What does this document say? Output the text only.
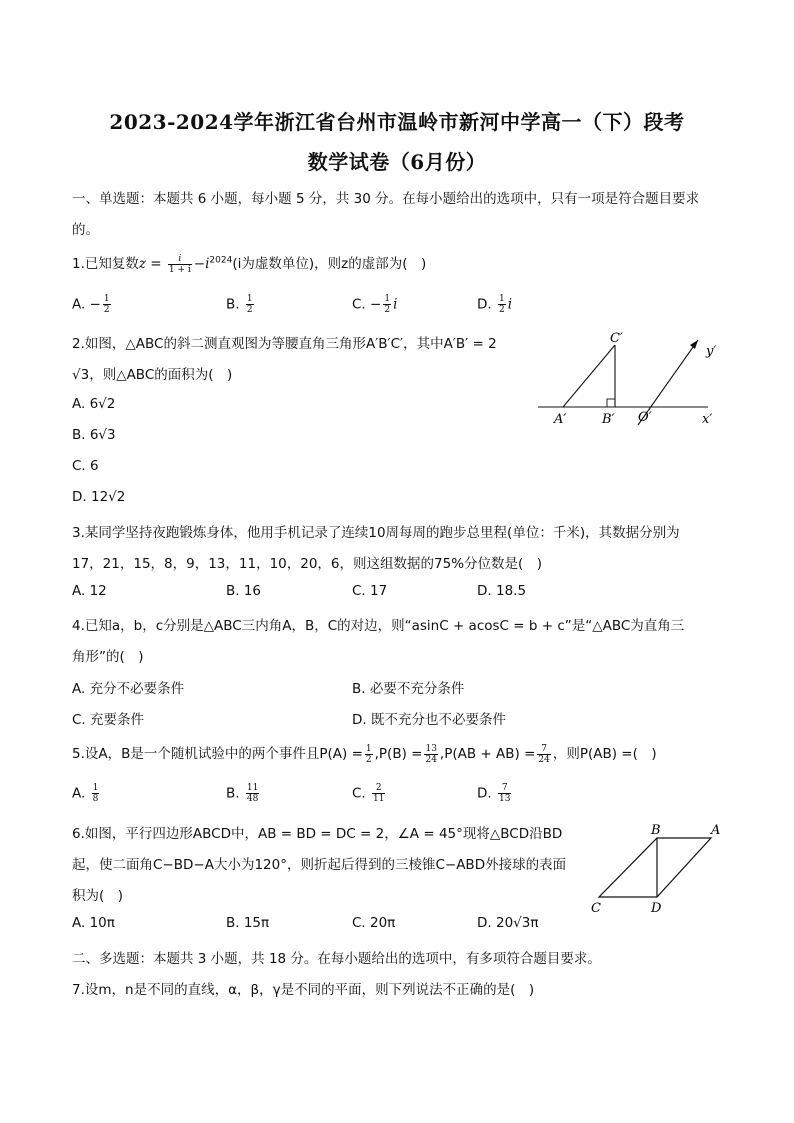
2023-2024学年浙江省台州市温岭市新河中学高一（下）段考
数学试卷（6月份）
一、单选题：本题共 6 小题，每小题 5 分，共 30 分。在每小题给出的选项中，只有一项是符合题目要求
的。
1.已知复数$z = \frac{i}{1 + i} -i^{2024}(i$为虚数单位)，则z的虚部为(　)
A. − $\frac{1}{2}$	B. $\frac{1}{2}$	C. − $\frac{1}{2}$ i	D. $\frac{1}{2}$ i
2.如图，△ABC的斜二测直观图为等腰直角三角形A′B′C′，其中A′B′ = 2
√3，则△ABC的面积为(　)
A. 6√2
B. 6√3
C. 6
D. 12√2
C′
y′
A′	B′ O′	x′
3.某同学坚持夜跑锻炼身体，他用手机记录了连续10周每周的跑步总里程(单位：千米)，其数据分别为
17，21，15，8，9，13，11，10，20，6，则这组数据的75%分位数是(　)
A. 12	B. 16	C. 17	D. 18.5
4.已知a，b，c分别是△ABC三内角A，B，C的对边，则“asinC + acosC = b + c”是“△ABC为直角三
角形”的(　)
A. 充分不必要条件	B. 必要不充分条件
C. 充要条件	D. 既不充分也不必要条件
5.设A，B是一个随机试验中的两个事件且$P(A) = \frac{1}{2} ,P(B) = \frac{13}{24} ,P(AB + AB) = \frac{7}{24}$ ，则P(AB) =(　)
A. $\frac{1}{8}$	B. $\frac{11}{48}$	C. $\frac{2}{11}$	D. $\frac{7}{13}$
6.如图，平行四边形ABCD中，AB = BD = DC = 2，∠A = 45°现将△BCD沿BD
起，使二面角C−BD−A大小为120°，则折起后得到的三棱锥C−ABD外接球的表面
积为(　)
A. 10π	B. 15π	C. 20π	D. 20√3π
B	A
C	D
二、多选题：本题共 3 小题，共 18 分。在每小题给出的选项中，有多项符合题目要求。
7.设m，n是不同的直线，α，β，γ是不同的平面，则下列说法不正确的是(　)
